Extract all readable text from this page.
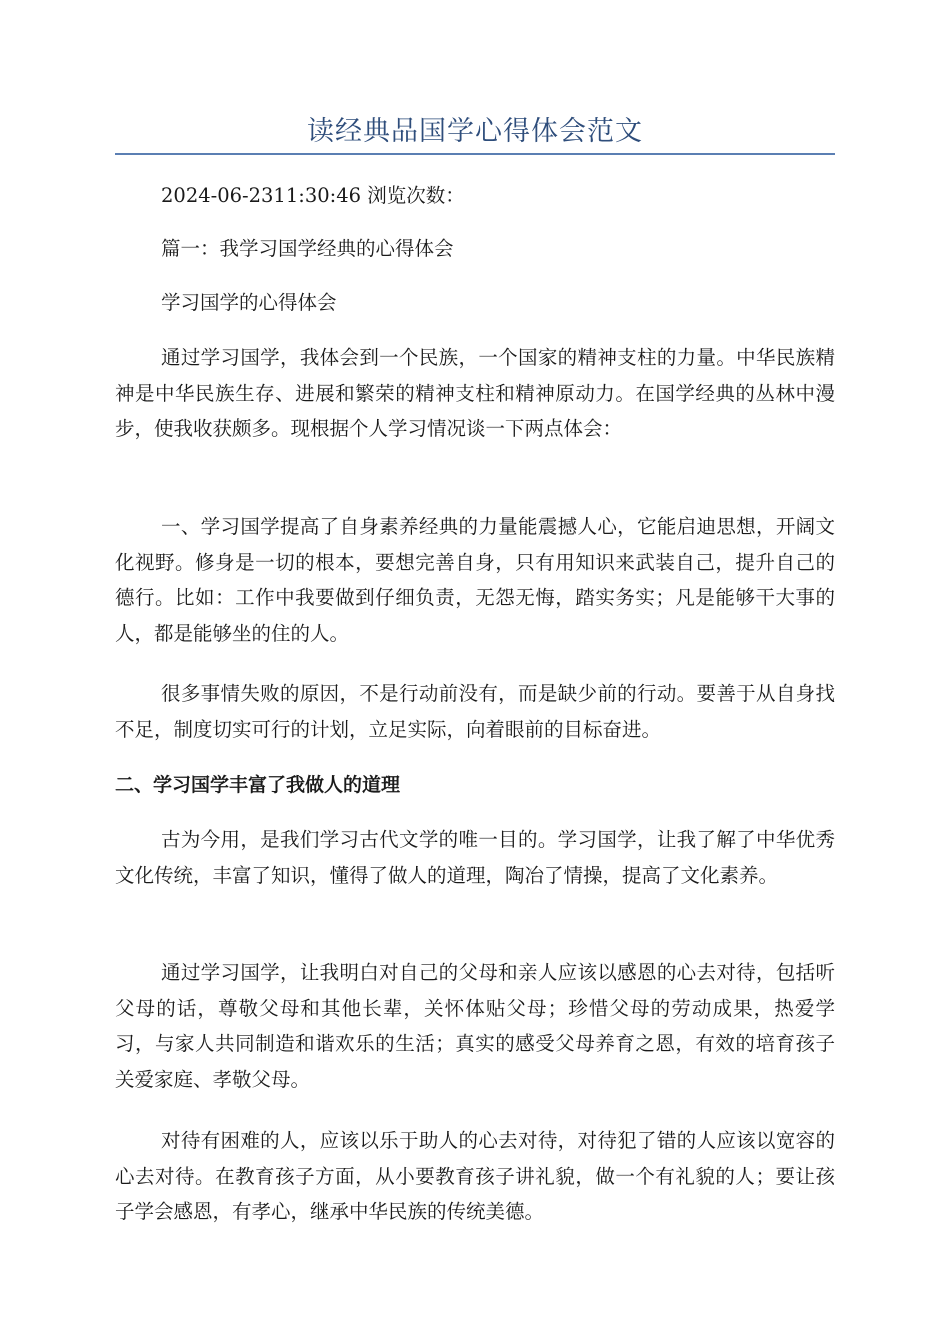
读经典品国学心得体会范文
2024-06-2311:30:46 浏览次数：
篇一：我学习国学经典的心得体会
学习国学的心得体会
通过学习国学，我体会到一个民族，一个国家的精神支柱的力量。中华民族精神是中华民族生存、进展和繁荣的精神支柱和精神原动力。在国学经典的丛林中漫步，使我收获颇多。现根据个人学习情况谈一下两点体会：
一、学习国学提高了自身素养经典的力量能震撼人心，它能启迪思想，开阔文化视野。修身是一切的根本，要想完善自身，只有用知识来武装自己，提升自己的德行。比如：工作中我要做到仔细负责，无怨无悔，踏实务实；凡是能够干大事的人，都是能够坐的住的人。
很多事情失败的原因，不是行动前没有，而是缺少前的行动。要善于从自身找不足，制度切实可行的计划，立足实际，向着眼前的目标奋进。
二、学习国学丰富了我做人的道理
古为今用，是我们学习古代文学的唯一目的。学习国学，让我了解了中华优秀文化传统，丰富了知识，懂得了做人的道理，陶冶了情操，提高了文化素养。
通过学习国学，让我明白对自己的父母和亲人应该以感恩的心去对待，包括听父母的话，尊敬父母和其他长辈，关怀体贴父母；珍惜父母的劳动成果，热爱学习，与家人共同制造和谐欢乐的生活；真实的感受父母养育之恩，有效的培育孩子关爱家庭、孝敬父母。
对待有困难的人，应该以乐于助人的心去对待，对待犯了错的人应该以宽容的心去对待。在教育孩子方面，从小要教育孩子讲礼貌，做一个有礼貌的人；要让孩子学会感恩，有孝心，继承中华民族的传统美德。
